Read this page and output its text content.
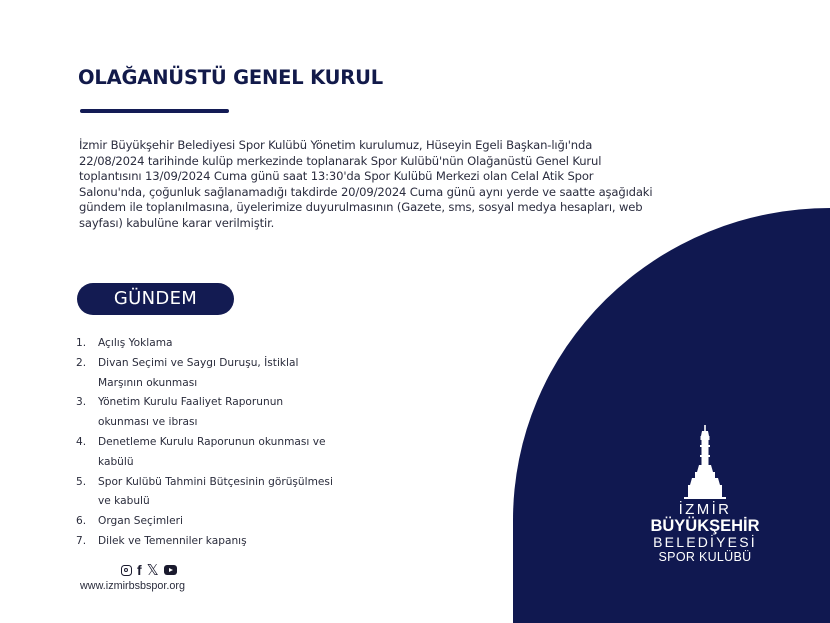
OLAĞANÜSTÜ GENEL KURUL

İzmir Büyükşehir Belediyesi Spor Kulübü Yönetim kurulumuz, Hüseyin Egeli Başkan-lığı'nda 22/08/2024 tarihinde kulüp merkezinde toplanarak Spor Kulübü'nün Olağanüstü Genel Kurul toplantısını 13/09/2024 Cuma günü saat 13:30'da Spor Kulübü Merkezi olan Celal Atik Spor Salonu'nda, çoğunluk sağlanamadığı takdirde 20/09/2024 Cuma günü aynı yerde ve saatte aşağıdaki gündem ile toplanılmasına, üyelerimize duyurulmasının (Gazete, sms, sosyal medya hesapları, web sayfası) kabulüne karar verilmiştir.

GÜNDEM
1.	Açılış Yoklama
2.	Divan Seçimi ve Saygı Duruşu, İstiklal Marşının okunması
3.	Yönetim Kurulu Faaliyet Raporunun okunması ve ibrası
4.	Denetleme Kurulu Raporunun okunması ve kabülü
5.	Spor Kulübü Tahmini Bütçesinin görüşülmesi ve kabulü
6.	Organ Seçimleri
7.	Dilek ve Temenniler kapanış
f 𝕏
www.izmirbsbspor.org
İZMİR
BÜYÜKŞEHİR
BELEDİYESİ
SPOR KULÜBÜ
